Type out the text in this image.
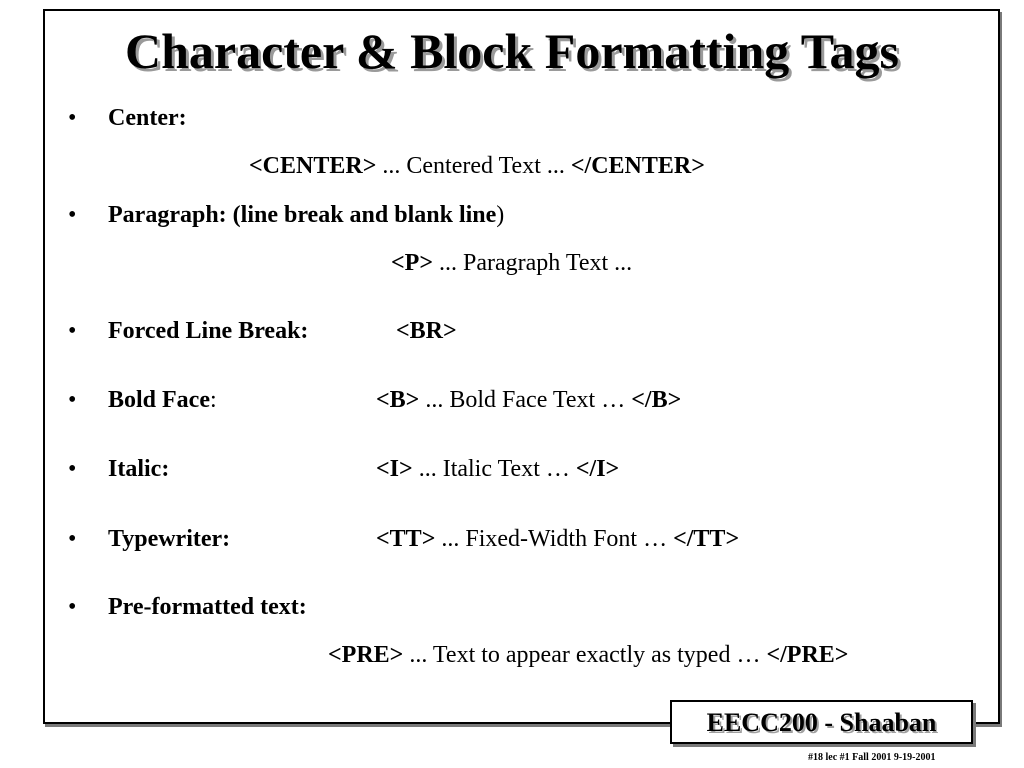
Character & Block Formatting Tags
• Center:
<CENTER> ... Centered Text ... </CENTER>
• Paragraph: (line break and blank line)
<P> ... Paragraph Text ...
• Forced Line Break:	<BR>
• Bold Face:	<B> ... Bold Face Text … </B>
• Italic:	<I> ... Italic Text … </I>
• Typewriter:	<TT> ... Fixed-Width Font … </TT>
• Pre-formatted text:
<PRE> ... Text to appear exactly as typed … </PRE>
EECC200 - Shaaban
#18 lec #1 Fall 2001 9-19-2001
